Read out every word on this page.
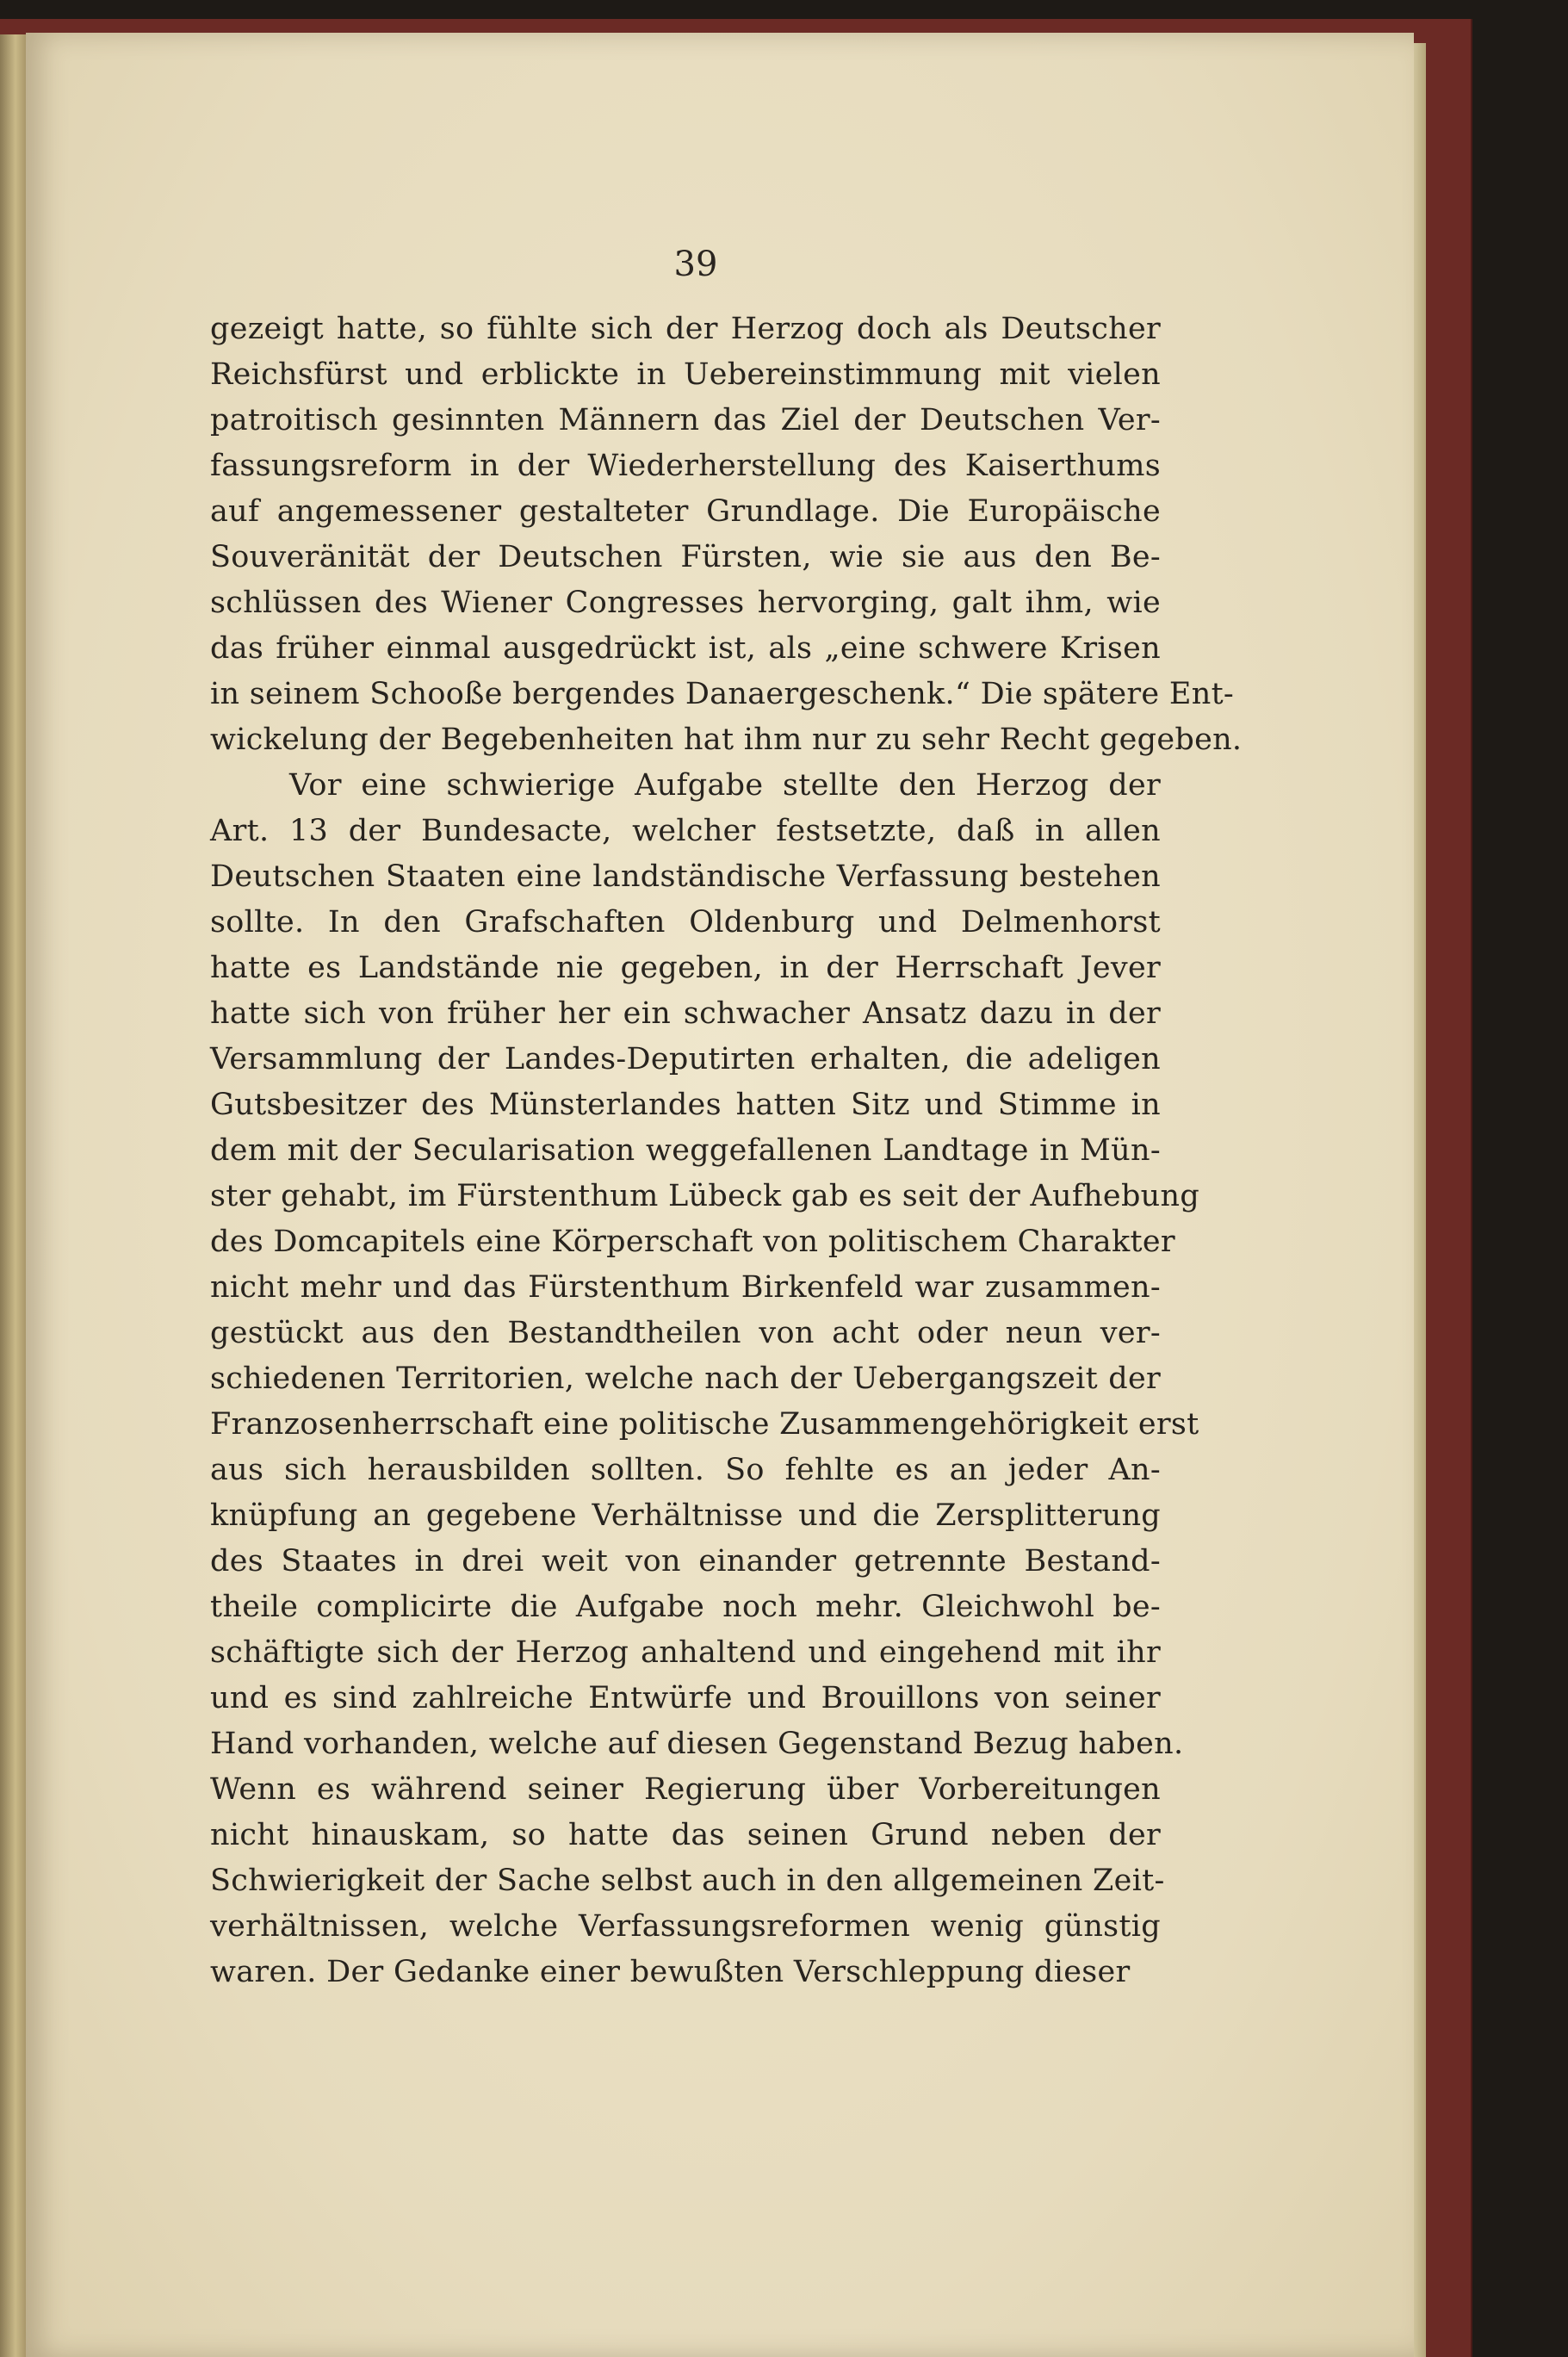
39
gezeigt hatte, so fühlte sich der Herzog doch als Deutscher
Reichsfürst und erblickte in Uebereinstimmung mit vielen
patroitisch gesinnten Männern das Ziel der Deutschen Ver-
fassungsreform in der Wiederherstellung des Kaiserthums
auf angemessener gestalteter Grundlage. Die Europäische
Souveränität der Deutschen Fürsten, wie sie aus den Be-
schlüssen des Wiener Congresses hervorging, galt ihm, wie
das früher einmal ausgedrückt ist, als „eine schwere Krisen
in seinem Schooße bergendes Danaergeschenk.“ Die spätere Ent-
wickelung der Begebenheiten hat ihm nur zu sehr Recht gegeben.
Vor eine schwierige Aufgabe stellte den Herzog der
Art. 13 der Bundesacte, welcher festsetzte, daß in allen
Deutschen Staaten eine landständische Verfassung bestehen
sollte. In den Grafschaften Oldenburg und Delmenhorst
hatte es Landstände nie gegeben, in der Herrschaft Jever
hatte sich von früher her ein schwacher Ansatz dazu in der
Versammlung der Landes-Deputirten erhalten, die adeligen
Gutsbesitzer des Münsterlandes hatten Sitz und Stimme in
dem mit der Secularisation weggefallenen Landtage in Mün-
ster gehabt, im Fürstenthum Lübeck gab es seit der Aufhebung
des Domcapitels eine Körperschaft von politischem Charakter
nicht mehr und das Fürstenthum Birkenfeld war zusammen-
gestückt aus den Bestandtheilen von acht oder neun ver-
schiedenen Territorien, welche nach der Uebergangszeit der
Franzosenherrschaft eine politische Zusammengehörigkeit erst
aus sich herausbilden sollten. So fehlte es an jeder An-
knüpfung an gegebene Verhältnisse und die Zersplitterung
des Staates in drei weit von einander getrennte Bestand-
theile complicirte die Aufgabe noch mehr. Gleichwohl be-
schäftigte sich der Herzog anhaltend und eingehend mit ihr
und es sind zahlreiche Entwürfe und Brouillons von seiner
Hand vorhanden, welche auf diesen Gegenstand Bezug haben.
Wenn es während seiner Regierung über Vorbereitungen
nicht hinauskam, so hatte das seinen Grund neben der
Schwierigkeit der Sache selbst auch in den allgemeinen Zeit-
verhältnissen, welche Verfassungsreformen wenig günstig
waren. Der Gedanke einer bewußten Verschleppung dieser
